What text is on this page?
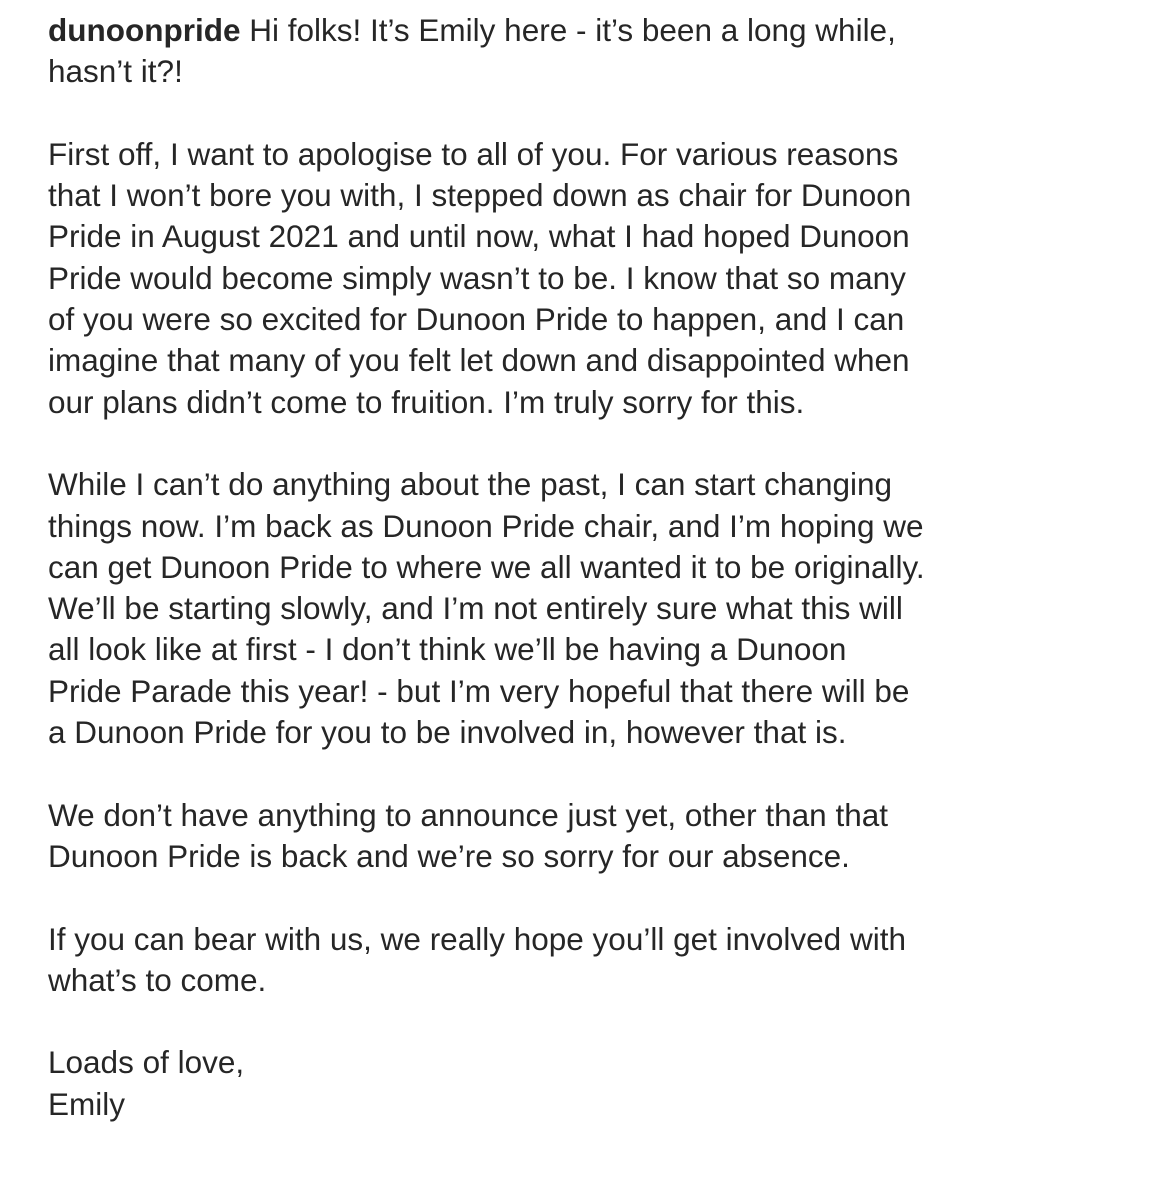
dunoonpride Hi folks! It’s Emily here - it’s been a long while,
hasn’t it?!

First off, I want to apologise to all of you. For various reasons
that I won’t bore you with, I stepped down as chair for Dunoon
Pride in August 2021 and until now, what I had hoped Dunoon
Pride would become simply wasn’t to be. I know that so many
of you were so excited for Dunoon Pride to happen, and I can
imagine that many of you felt let down and disappointed when
our plans didn’t come to fruition. I’m truly sorry for this.

While I can’t do anything about the past, I can start changing
things now. I’m back as Dunoon Pride chair, and I’m hoping we
can get Dunoon Pride to where we all wanted it to be originally.
We’ll be starting slowly, and I’m not entirely sure what this will
all look like at first - I don’t think we’ll be having a Dunoon
Pride Parade this year! - but I’m very hopeful that there will be
a Dunoon Pride for you to be involved in, however that is.

We don’t have anything to announce just yet, other than that
Dunoon Pride is back and we’re so sorry for our absence.

If you can bear with us, we really hope you’ll get involved with
what’s to come.

Loads of love,
Emily
